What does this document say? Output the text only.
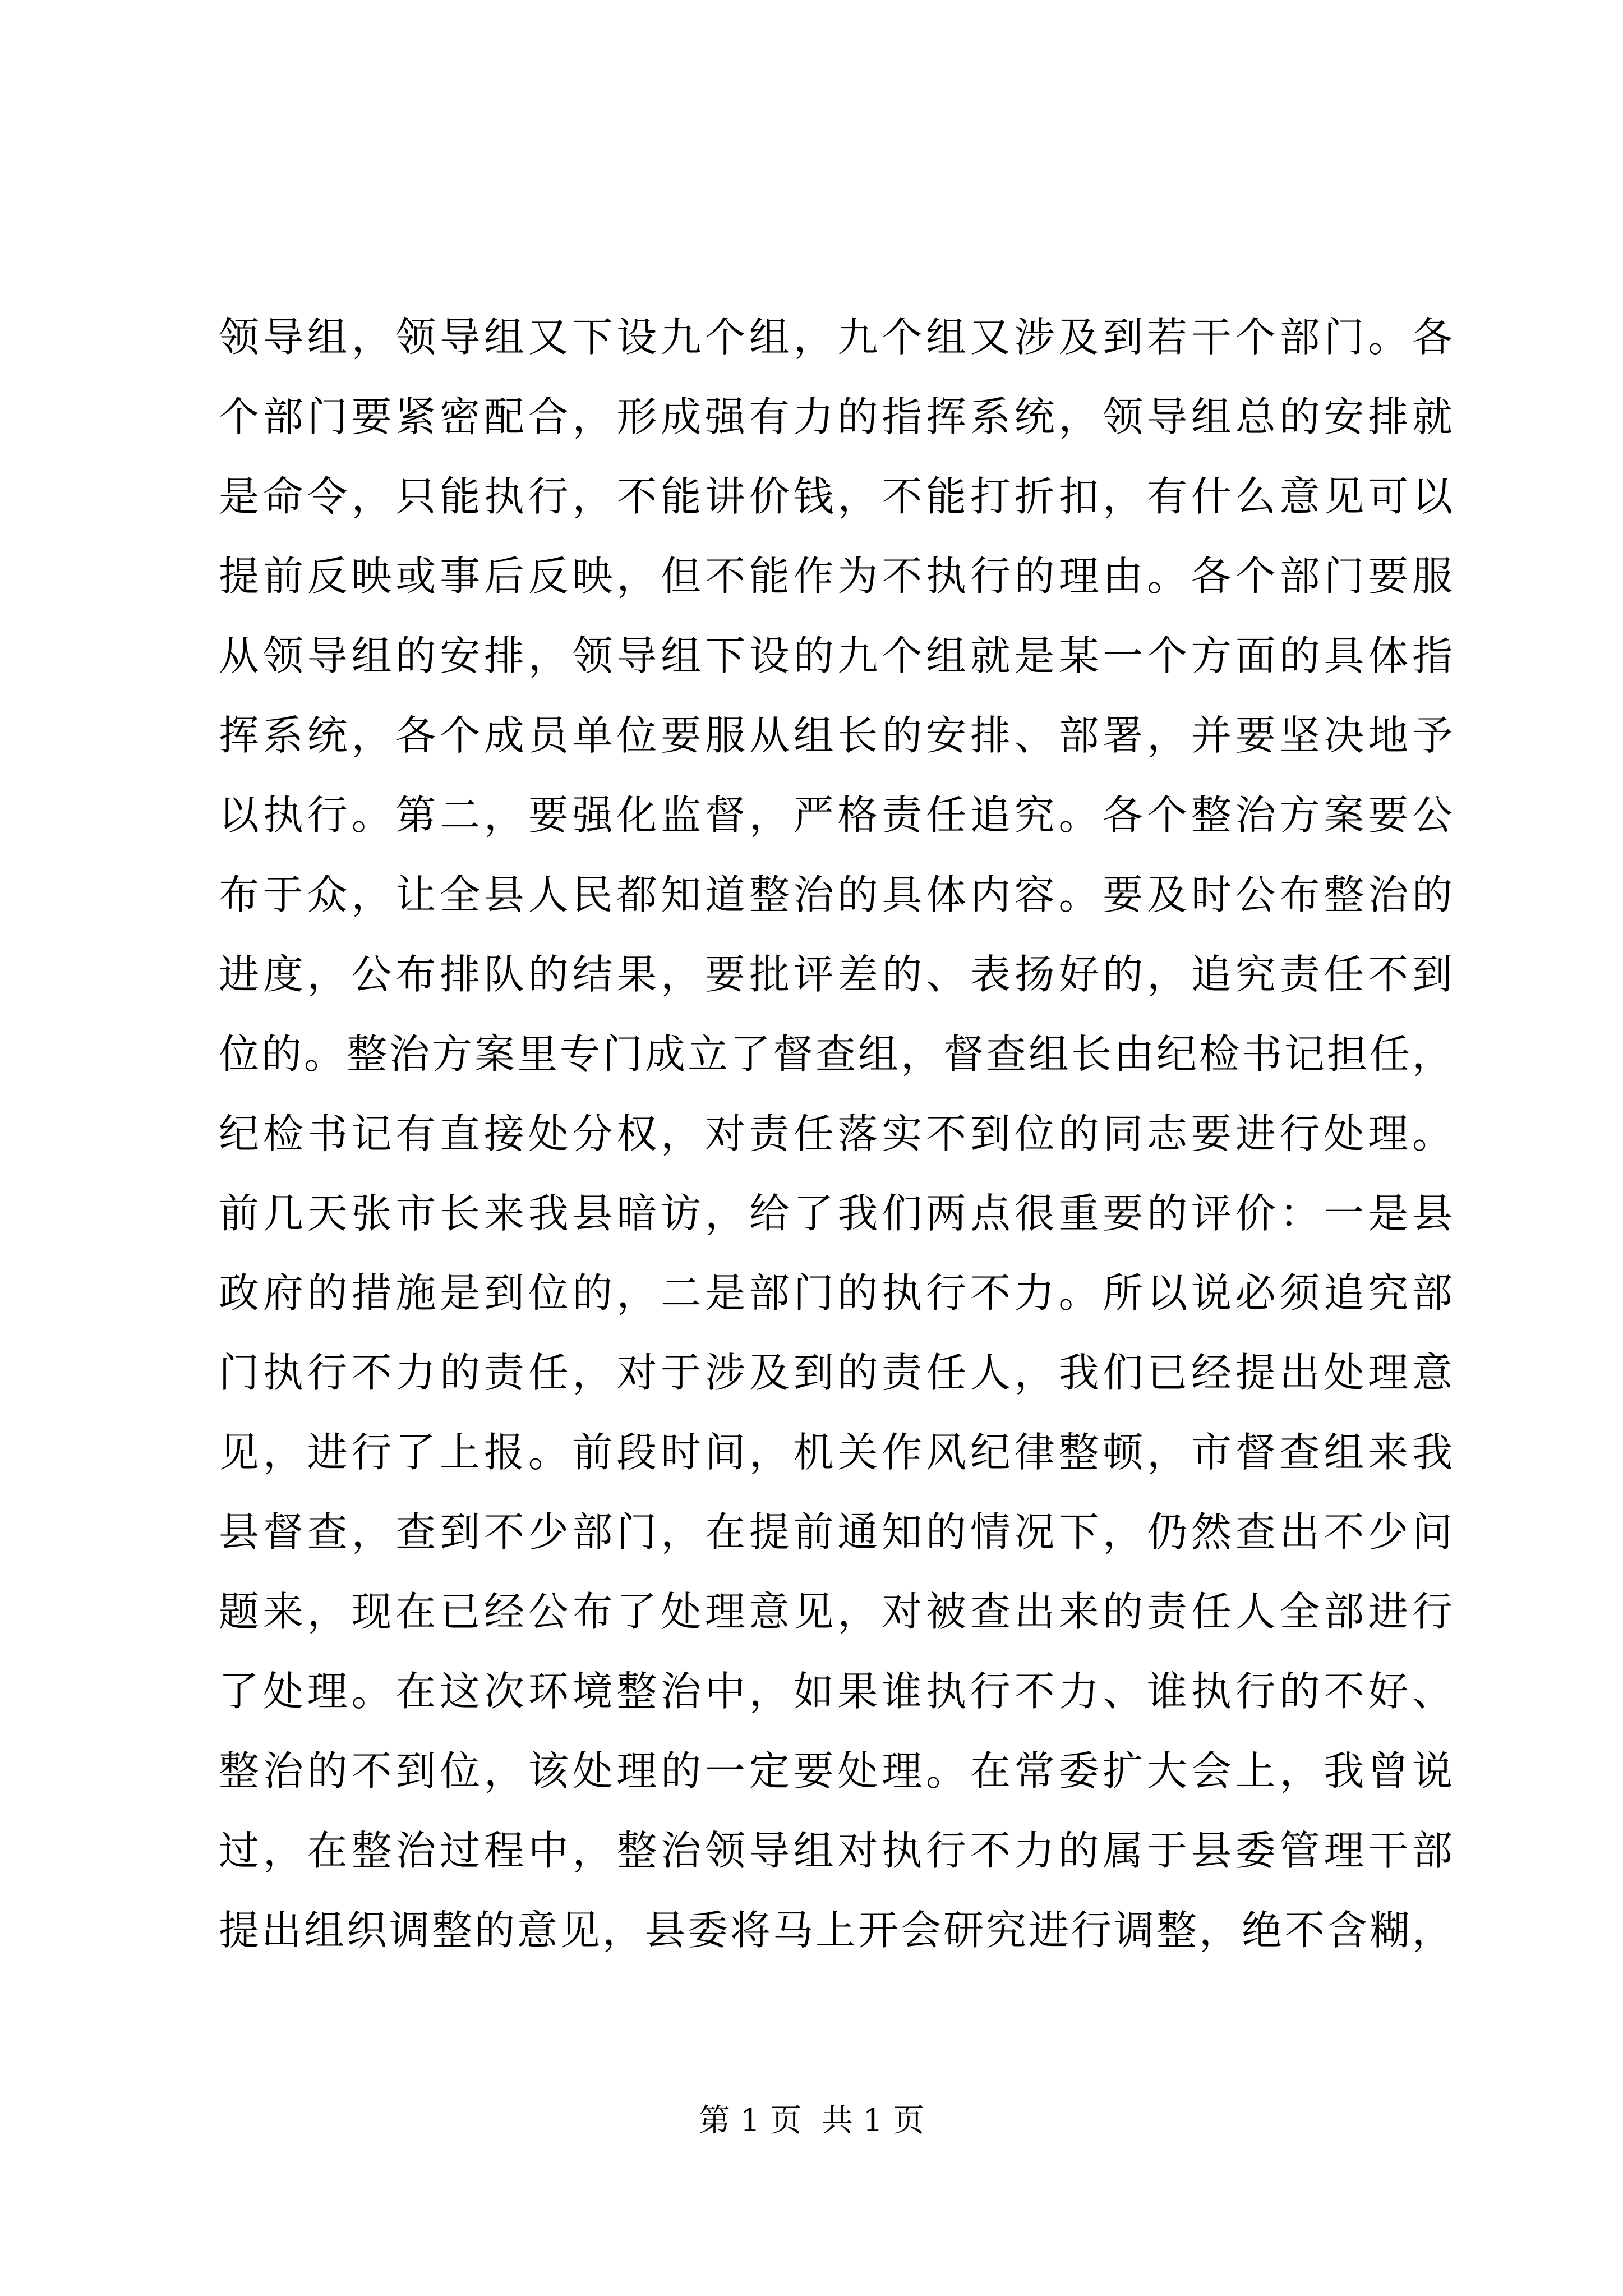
领导组，领导组又下设九个组，九个组又涉及到若干个部门。各
个部门要紧密配合，形成强有力的指挥系统，领导组总的安排就
是命令，只能执行，不能讲价钱，不能打折扣，有什么意见可以
提前反映或事后反映，但不能作为不执行的理由。各个部门要服
从领导组的安排，领导组下设的九个组就是某一个方面的具体指
挥系统，各个成员单位要服从组长的安排、部署，并要坚决地予
以执行。第二，要强化监督，严格责任追究。各个整治方案要公
布于众，让全县人民都知道整治的具体内容。要及时公布整治的
进度，公布排队的结果，要批评差的、表扬好的，追究责任不到
位的。整治方案里专门成立了督查组，督查组长由纪检书记担任，
纪检书记有直接处分权，对责任落实不到位的同志要进行处理。
前几天张市长来我县暗访，给了我们两点很重要的评价：一是县
政府的措施是到位的，二是部门的执行不力。所以说必须追究部
门执行不力的责任，对于涉及到的责任人，我们已经提出处理意
见，进行了上报。前段时间，机关作风纪律整顿，市督查组来我
县督查，查到不少部门，在提前通知的情况下，仍然查出不少问
题来，现在已经公布了处理意见，对被查出来的责任人全部进行
了处理。在这次环境整治中，如果谁执行不力、谁执行的不好、
整治的不到位，该处理的一定要处理。在常委扩大会上，我曾说
过，在整治过程中，整治领导组对执行不力的属于县委管理干部
提出组织调整的意见，县委将马上开会研究进行调整，绝不含糊，
第 1 页  共 1 页
